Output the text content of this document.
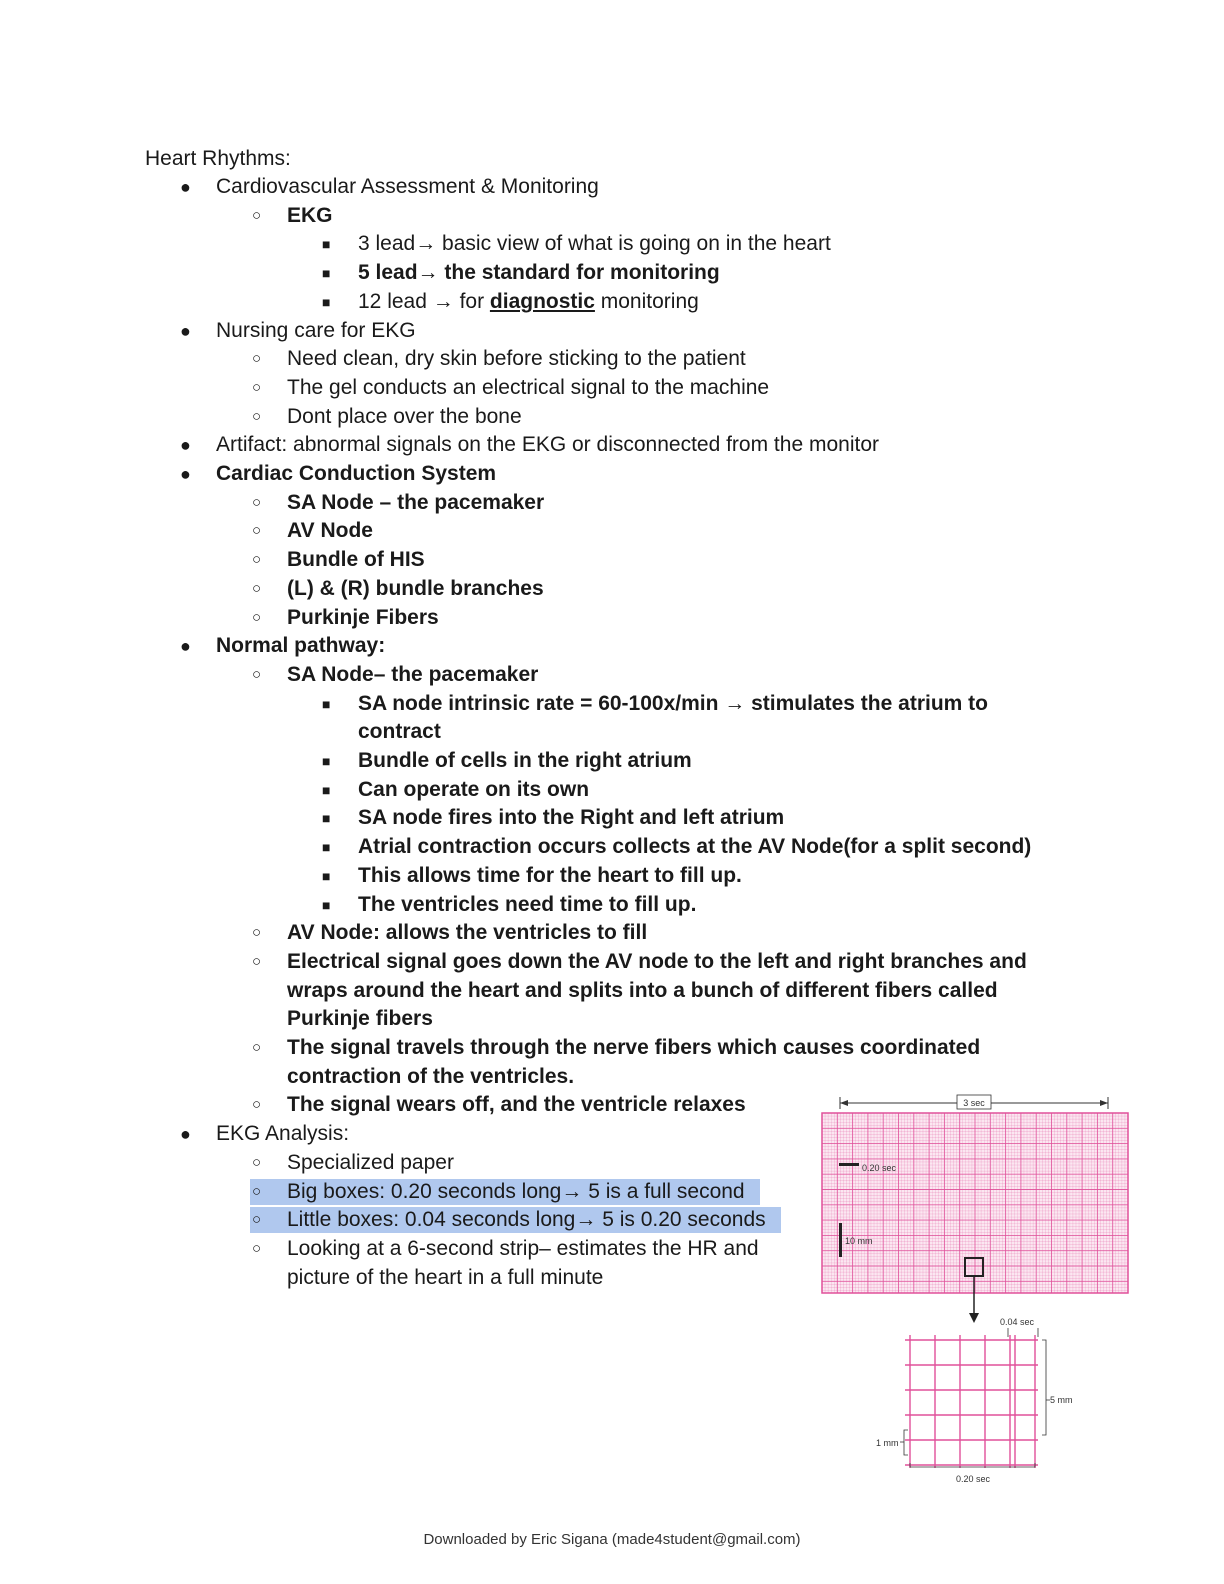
Heart Rhythms:
● Cardiovascular Assessment & Monitoring
○ EKG
■ 3 lead→ basic view of what is going on in the heart
■ 5 lead→ the standard for monitoring
■ 12 lead → for diagnostic monitoring
● Nursing care for EKG
○ Need clean, dry skin before sticking to the patient
○ The gel conducts an electrical signal to the machine
○ Dont place over the bone
● Artifact: abnormal signals on the EKG or disconnected from the monitor
● Cardiac Conduction System
○ SA Node – the pacemaker
○ AV Node
○ Bundle of HIS
○ (L) & (R) bundle branches
○ Purkinje Fibers
● Normal pathway:
○ SA Node– the pacemaker
■ SA node intrinsic rate = 60-100x/min → stimulates the atrium to
contract
■ Bundle of cells in the right atrium
■ Can operate on its own
■ SA node fires into the Right and left atrium
■ Atrial contraction occurs collects at the AV Node(for a split second)
■ This allows time for the heart to fill up.
■ The ventricles need time to fill up.
○ AV Node: allows the ventricles to fill
○ Electrical signal goes down the AV node to the left and right branches and
wraps around the heart and splits into a bunch of different fibers called
Purkinje fibers
○ The signal travels through the nerve fibers which causes coordinated
contraction of the ventricles.
○ The signal wears off, and the ventricle relaxes
● EKG Analysis:
○ Specialized paper
○ Big boxes: 0.20 seconds long→ 5 is a full second
○ Little boxes: 0.04 seconds long→ 5 is 0.20 seconds
○ Looking at a 6-second strip– estimates the HR and
picture of the heart in a full minute
3 sec
0.20 sec
10 mm
0.04 sec
5 mm
1 mm
0.20 sec
Downloaded by Eric Sigana (made4student@gmail.com)
